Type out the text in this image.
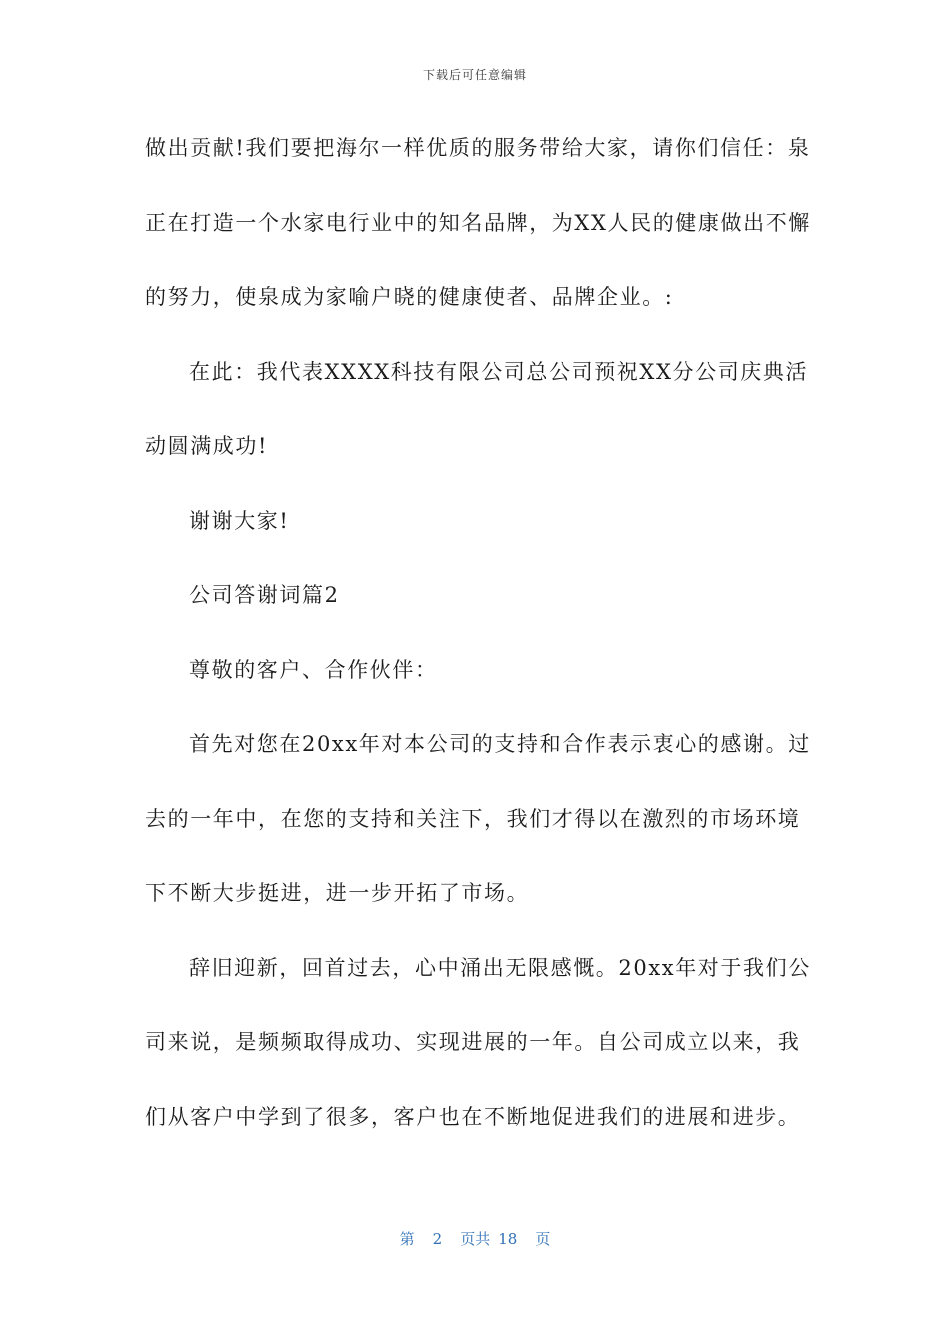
下载后可任意编辑
做出贡献!我们要把海尔一样优质的服务带给大家，请你们信任：泉
正在打造一个水家电行业中的知名品牌，为XX人民的健康做出不懈
的努力，使泉成为家喻户晓的健康使者、品牌企业。:
在此：我代表XXXX科技有限公司总公司预祝XX分公司庆典活
动圆满成功!
谢谢大家!
公司答谢词篇2
尊敬的客户、合作伙伴：
首先对您在20xx年对本公司的支持和合作表示衷心的感谢。过
去的一年中，在您的支持和关注下，我们才得以在激烈的市场环境
下不断大步挺进，进一步开拓了市场。
辞旧迎新，回首过去，心中涌出无限感慨。20xx年对于我们公
司来说，是频频取得成功、实现进展的一年。自公司成立以来，我
们从客户中学到了很多，客户也在不断地促进我们的进展和进步。
第 2 页共 18 页
